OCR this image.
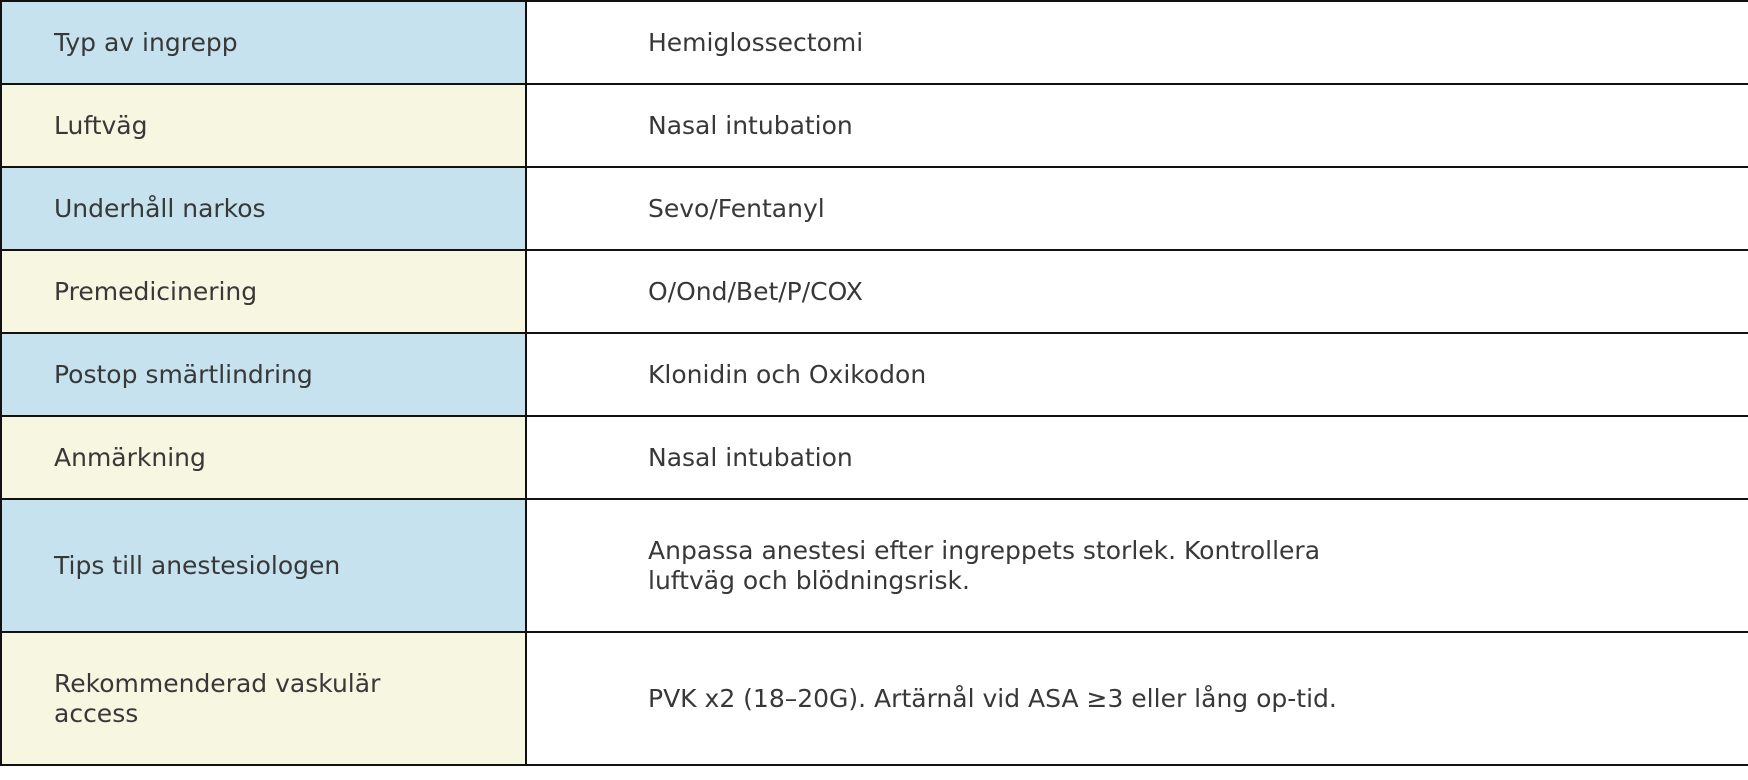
Typ av ingrepp	Hemiglossectomi

Luftväg	Nasal intubation

Underhåll narkos	Sevo/Fentanyl

Premedicinering	O/Ond/Bet/P/COX

Postop smärtlindring	Klonidin och Oxikodon

Anmärkning	Nasal intubation

Tips till anestesiologen	Anpassa anestesi efter ingreppets storlek. Kontrollera luftväg och blödningsrisk.

Rekommenderad vaskulär access	PVK x2 (18–20G). Artärnål vid ASA ≥3 eller lång op-tid.
